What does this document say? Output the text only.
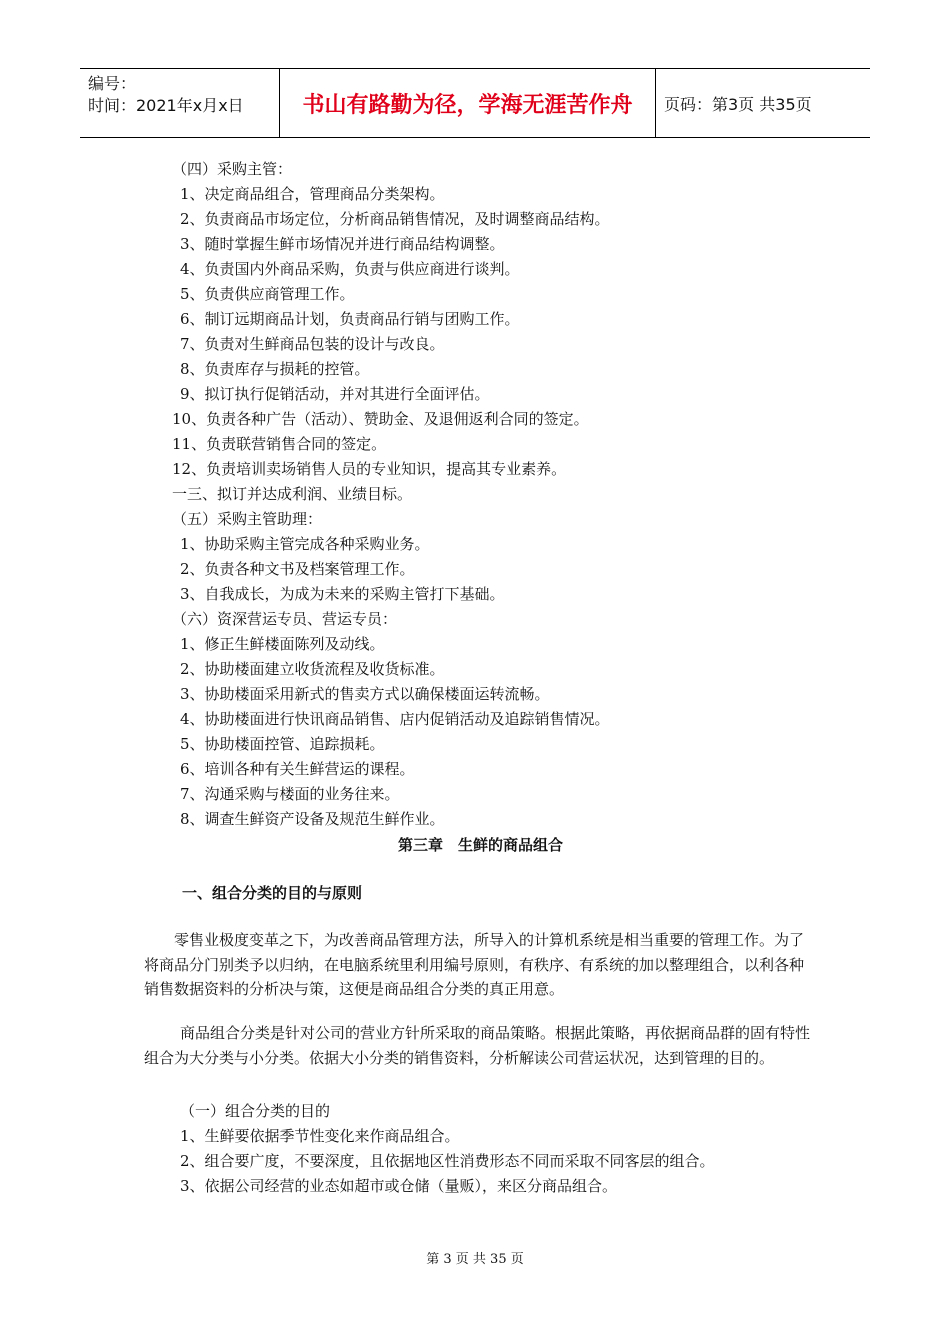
编号：
时间：2021年x月x日	书山有路勤为径，学海无涯苦作舟	页码：第3页 共35页
（四）采购主管：
1、决定商品组合，管理商品分类架构。
2、负责商品市场定位，分析商品销售情况，及时调整商品结构。
3、随时掌握生鲜市场情况并进行商品结构调整。
4、负责国内外商品采购，负责与供应商进行谈判。
5、负责供应商管理工作。
6、制订远期商品计划，负责商品行销与团购工作。
7、负责对生鲜商品包装的设计与改良。
8、负责库存与损耗的控管。
9、拟订执行促销活动，并对其进行全面评估。
10、负责各种广告（活动）、赞助金、及退佣返利合同的签定。
11、负责联营销售合同的签定。
12、负责培训卖场销售人员的专业知识，提高其专业素养。
一三、拟订并达成利润、业绩目标。
（五）采购主管助理：
1、协助采购主管完成各种采购业务。
2、负责各种文书及档案管理工作。
3、自我成长，为成为未来的采购主管打下基础。
（六）资深营运专员、营运专员：
1、修正生鲜楼面陈列及动线。
2、协助楼面建立收货流程及收货标准。
3、协助楼面采用新式的售卖方式以确保楼面运转流畅。
4、协助楼面进行快讯商品销售、店内促销活动及追踪销售情况。
5、协助楼面控管、追踪损耗。
6、培训各种有关生鲜营运的课程。
7、沟通采购与楼面的业务往来。
8、调查生鲜资产设备及规范生鲜作业。
第三章　生鲜的商品组合
一、组合分类的目的与原则
零售业极度变革之下，为改善商品管理方法，所导入的计算机系统是相当重要的管理工作。为了将商品分门别类予以归纳，在电脑系统里利用编号原则，有秩序、有系统的加以整理组合，以利各种销售数据资料的分析决与策，这便是商品组合分类的真正用意。
商品组合分类是针对公司的营业方针所采取的商品策略。根据此策略，再依据商品群的固有特性组合为大分类与小分类。依据大小分类的销售资料，分析解读公司营运状况，达到管理的目的。
（一）组合分类的目的
1、生鲜要依据季节性变化来作商品组合。
2、组合要广度，不要深度，且依据地区性消费形态不同而采取不同客层的组合。
3、依据公司经营的业态如超市或仓储（量贩），来区分商品组合。
第 3 页 共 35 页
